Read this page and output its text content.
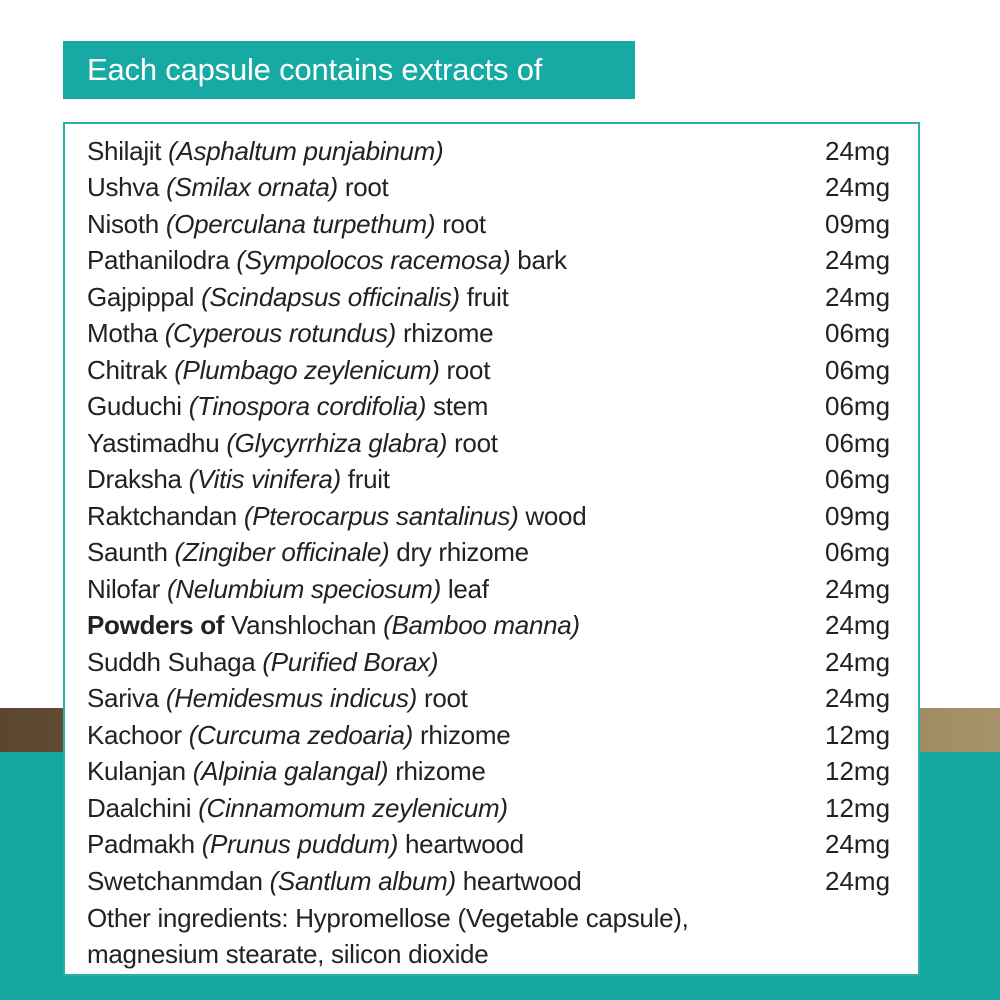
Each capsule contains extracts of
Shilajit (Asphaltum punjabinum)	24mg
Ushva (Smilax ornata) root	24mg
Nisoth (Operculana turpethum) root	09mg
Pathanilodra (Sympolocos racemosa) bark	24mg
Gajpippal (Scindapsus officinalis) fruit	24mg
Motha (Cyperous rotundus) rhizome	06mg
Chitrak (Plumbago zeylenicum) root	06mg
Guduchi (Tinospora cordifolia) stem	06mg
Yastimadhu (Glycyrrhiza glabra) root	06mg
Draksha (Vitis vinifera) fruit	06mg
Raktchandan (Pterocarpus santalinus) wood	09mg
Saunth (Zingiber officinale) dry rhizome	06mg
Nilofar (Nelumbium speciosum) leaf	24mg
Powders of Vanshlochan (Bamboo manna)	24mg
Suddh Suhaga (Purified Borax)	24mg
Sariva (Hemidesmus indicus) root	24mg
Kachoor (Curcuma zedoaria) rhizome	12mg
Kulanjan (Alpinia galangal) rhizome	12mg
Daalchini (Cinnamomum zeylenicum)	12mg
Padmakh (Prunus puddum) heartwood	24mg
Swetchanmdan (Santlum album) heartwood	24mg
Other ingredients: Hypromellose (Vegetable capsule),
magnesium stearate, silicon dioxide
